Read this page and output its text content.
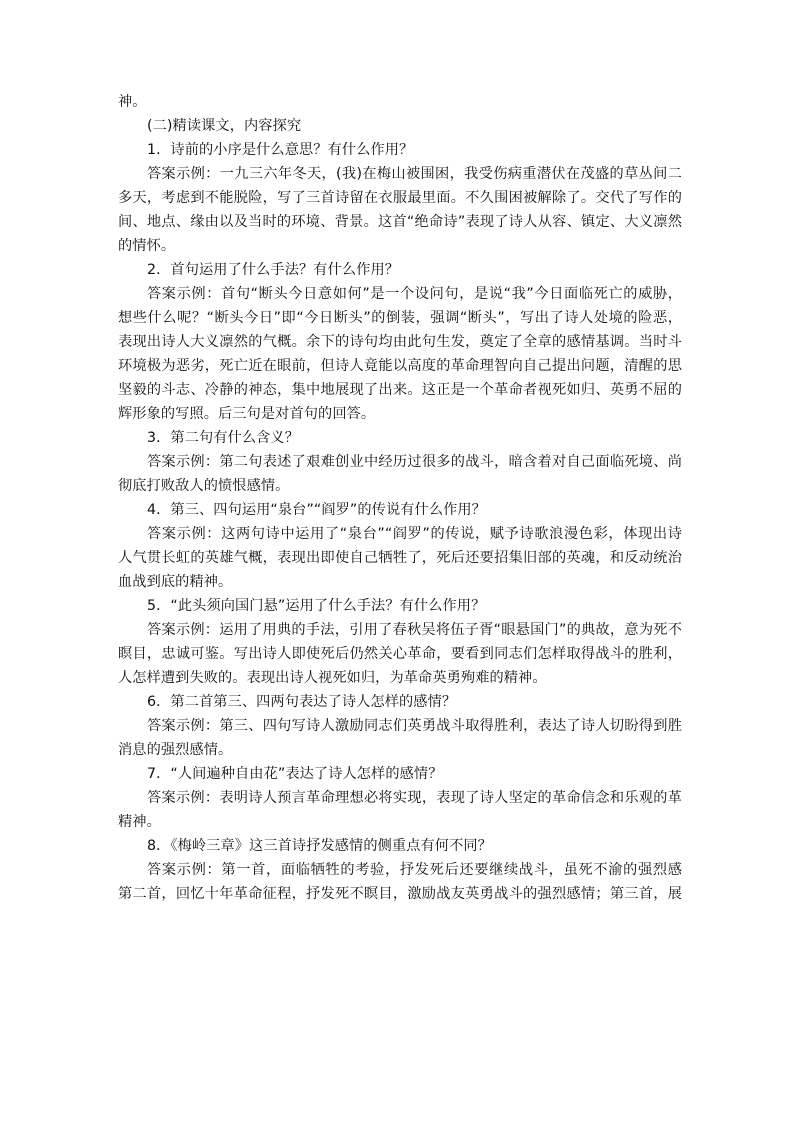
神。
(二)精读课文，内容探究
1．诗前的小序是什么意思？有什么作用？
答案示例：一九三六年冬天，(我)在梅山被围困，我受伤病重潜伏在茂盛的草丛间二
多天，考虑到不能脱险，写了三首诗留在衣服最里面。不久围困被解除了。交代了写作的
间、地点、缘由以及当时的环境、背景。这首“绝命诗”表现了诗人从容、镇定、大义凛然
的情怀。
2．首句运用了什么手法？有什么作用？
答案示例：首句“断头今日意如何”是一个设问句，是说“我”今日面临死亡的威胁，
想些什么呢？“断头今日”即“今日断头”的倒装，强调“断头”，写出了诗人处境的险恶，
表现出诗人大义凛然的气概。余下的诗句均由此句生发，奠定了全章的感情基调。当时斗
环境极为恶劣，死亡近在眼前，但诗人竟能以高度的革命理智向自己提出问题，清醒的思
坚毅的斗志、冷静的神态，集中地展现了出来。这正是一个革命者视死如归、英勇不屈的
辉形象的写照。后三句是对首句的回答。
3．第二句有什么含义？
答案示例：第二句表述了艰难创业中经历过很多的战斗，暗含着对自己面临死境、尚
彻底打败敌人的愤恨感情。
4．第三、四句运用“泉台”“阎罗”的传说有什么作用？
答案示例：这两句诗中运用了“泉台”“阎罗”的传说，赋予诗歌浪漫色彩，体现出诗
人气贯长虹的英雄气概，表现出即使自己牺牲了，死后还要招集旧部的英魂，和反动统治
血战到底的精神。
5．“此头须向国门悬”运用了什么手法？有什么作用？
答案示例：运用了用典的手法，引用了春秋吴将伍子胥“眼悬国门”的典故，意为死不
瞑目，忠诚可鉴。写出诗人即使死后仍然关心革命，要看到同志们怎样取得战斗的胜利，
人怎样遭到失败的。表现出诗人视死如归，为革命英勇殉难的精神。
6．第二首第三、四两句表达了诗人怎样的感情？
答案示例：第三、四句写诗人激励同志们英勇战斗取得胜利，表达了诗人切盼得到胜
消息的强烈感情。
7．“人间遍种自由花”表达了诗人怎样的感情？
答案示例：表明诗人预言革命理想必将实现，表现了诗人坚定的革命信念和乐观的革
精神。
8．《梅岭三章》这三首诗抒发感情的侧重点有何不同？
答案示例：第一首，面临牺牲的考验，抒发死后还要继续战斗，虽死不渝的强烈感
第二首，回忆十年革命征程，抒发死不瞑目，激励战友英勇战斗的强烈感情；第三首，展
